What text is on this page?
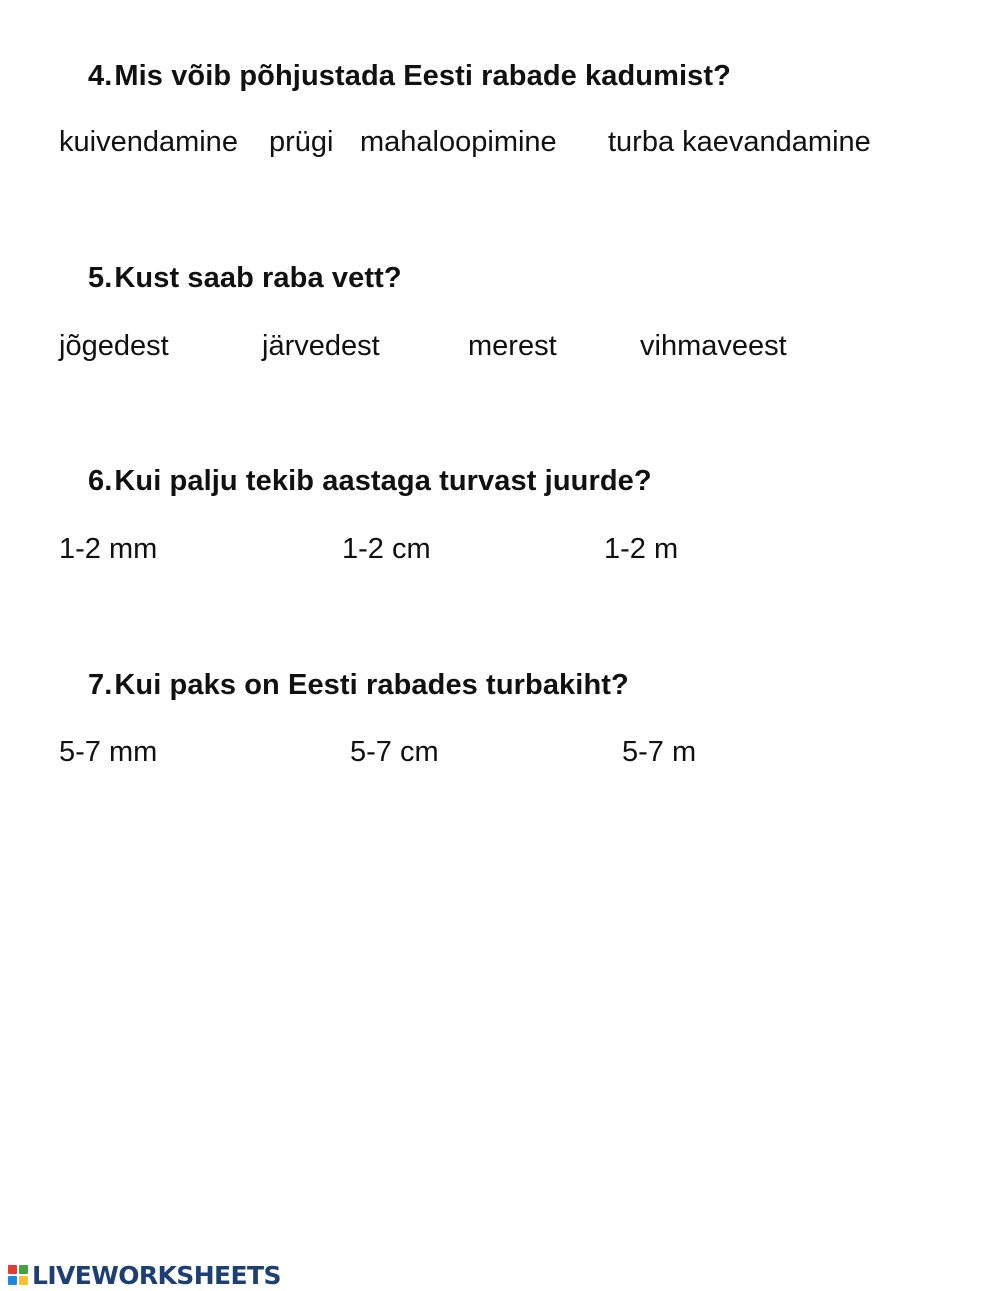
4.Mis võib põhjustada Eesti rabade kadumist?
kuivendamine prügi mahaloopimine turba kaevandamine
5.Kust saab raba vett?
jõgedest	järvedest	merest	vihmaveest
6.Kui palju tekib aastaga turvast juurde?
1-2 mm	1-2 cm	1-2 m
7.Kui paks on Eesti rabades turbakiht?
5-7 mm	5-7 cm	5-7 m
LIVEWORKSHEETS
